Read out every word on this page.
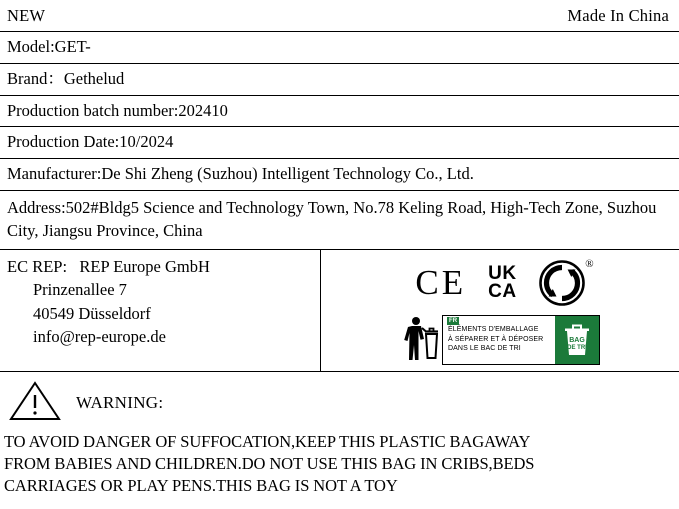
NEW	Made In China
Model:GET-
Brand：Gethelud
Production batch number:202410
Production Date:10/2024
Manufacturer:De Shi Zheng (Suzhou) Intelligent Technology Co., Ltd.
Address:502#Bldg5 Science and Technology Town, No.78 Keling Road, High-Tech Zone, Suzhou City, Jiangsu Province, China
EC REP:   REP Europe GmbH
Prinzenallee 7
40549 Düsseldorf
info@rep-europe.de
CE UK
CA
®
FR
ÉLÉMENTS D'EMBALLAGE
À SÉPARER ET À DÉPOSER
DANS LE BAC DE TRI
BAG
DE TRI
WARNING:
TO AVOID DANGER OF SUFFOCATION,KEEP THIS PLASTIC BAGAWAY
FROM BABIES AND CHILDREN.DO NOT USE THIS BAG IN CRIBS,BEDS
CARRIAGES OR PLAY PENS.THIS BAG IS NOT A TOY
